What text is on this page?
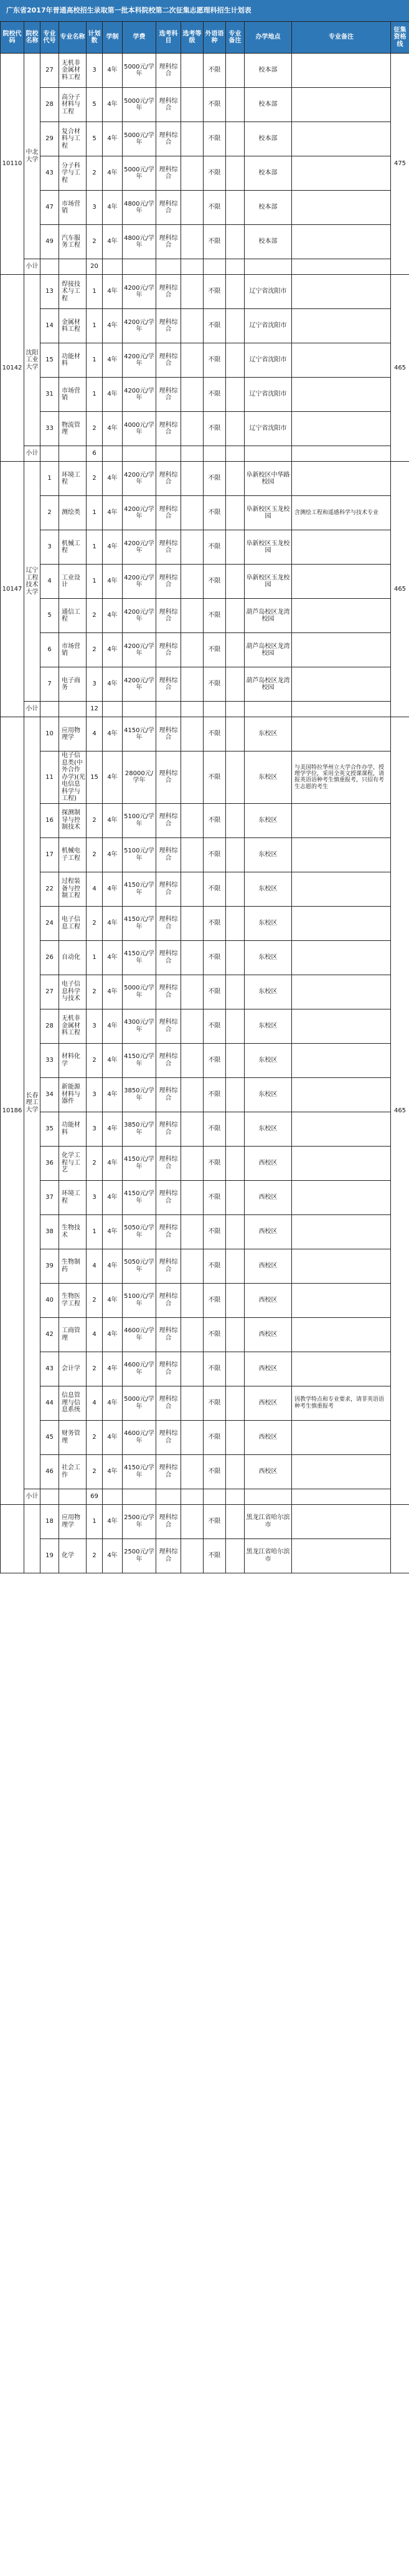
广东省2017年普通高校招生录取第一批本科院校第二次征集志愿理科招生计划表
院校代码	院校名称	专业代号	专业名称	计划数	学制	学费	选考科目	选考等级	外语语种	专业备注	办学地点	专业备注	征集资格线
10110	中北大学	27	无机非金属材料工程	3	4年	5000元/学年	理科综合		不限		校本部		475
		28	高分子材料与工程	5	4年	5000元/学年	理科综合		不限		校本部		
		29	复合材料与工程	5	4年	5000元/学年	理科综合		不限		校本部		
		43	分子科学与工程	2	4年	5000元/学年	理科综合		不限		校本部		
		47	市场营销	3	4年	4800元/学年	理科综合		不限		校本部		
		49	汽车服务工程	2	4年	4800元/学年	理科综合		不限		校本部		
	小计			20									
10142	沈阳工业大学	13	焊接技术与工程	1	4年	4200元/学年	理科综合		不限		辽宁省沈阳市		465
		14	金属材料工程	1	4年	4200元/学年	理科综合		不限		辽宁省沈阳市		
		15	功能材料	1	4年	4200元/学年	理科综合		不限		辽宁省沈阳市		
		31	市场营销	1	4年	4200元/学年	理科综合		不限		辽宁省沈阳市		
		33	物流管理	2	4年	4000元/学年	理科综合		不限		辽宁省沈阳市		
	小计			6									
10147	辽宁工程技术大学	1	环境工程	2	4年	4200元/学年	理科综合		不限		阜新校区中华路校园		465
		2	测绘类	1	4年	4200元/学年	理科综合		不限		阜新校区玉龙校园	含测绘工程和遥感科学与技术专业	
		3	机械工程	1	4年	4200元/学年	理科综合		不限		阜新校区玉龙校园		
		4	工业设计	1	4年	4200元/学年	理科综合		不限		阜新校区玉龙校园		
		5	通信工程	2	4年	4200元/学年	理科综合		不限		葫芦岛校区龙湾校园		
		6	市场营销	2	4年	4200元/学年	理科综合		不限		葫芦岛校区龙湾校园		
		7	电子商务	3	4年	4200元/学年	理科综合		不限		葫芦岛校区龙湾校园		
	小计			12									
10186	长春理工大学	10	应用物理学	4	4年	4150元/学年	理科综合		不限		东校区		465
		11	电子信息类(中外合作办学)(光电信息科学与工程)	15	4年	28000元/学年	理科综合		不限		东校区	与美国特拉华州立大学合作办学，授理学学位，采用全英文授课课程，请报英语语种考生慎重报考，只招有考生志愿的考生	
		16	探测制导与控制技术	2	4年	5100元/学年	理科综合		不限		东校区		
		17	机械电子工程	2	4年	5100元/学年	理科综合		不限		东校区		
		22	过程装备与控制工程	4	4年	4150元/学年	理科综合		不限		东校区		
		24	电子信息工程	2	4年	4150元/学年	理科综合		不限		东校区		
		26	自动化	1	4年	4150元/学年	理科综合		不限		东校区		
		27	电子信息科学与技术	2	4年	5000元/学年	理科综合		不限		东校区		
		28	无机非金属材料工程	3	4年	4300元/学年	理科综合		不限		东校区		
		33	材料化学	2	4年	4150元/学年	理科综合		不限		东校区		
		34	新能源材料与器件	3	4年	3850元/学年	理科综合		不限		东校区		
		35	功能材料	3	4年	3850元/学年	理科综合		不限		东校区		
		36	化学工程与工艺	2	4年	4150元/学年	理科综合		不限		西校区		
		37	环境工程	3	4年	4150元/学年	理科综合		不限		西校区		
		38	生物技术	1	4年	5050元/学年	理科综合		不限		西校区		
		39	生物制药	4	4年	5050元/学年	理科综合		不限		西校区		
		40	生物医学工程	2	4年	5100元/学年	理科综合		不限		西校区		
		42	工商管理	4	4年	4600元/学年	理科综合		不限		西校区		
		43	会计学	2	4年	4600元/学年	理科综合		不限		西校区		
		44	信息管理与信息系统	4	4年	5000元/学年	理科综合		不限		西校区	因教学特点和专业要求，请非英语语种考生慎重报考	
		45	财务管理	2	4年	4600元/学年	理科综合		不限		西校区		
		46	社会工作	2	4年	4150元/学年	理科综合		不限		西校区		
	小计			69									
		18	应用物理学	1	4年	2500元/学年	理科综合		不限		黑龙江省哈尔滨市		
		19	化学	2	4年	2500元/学年	理科综合		不限		黑龙江省哈尔滨市		
